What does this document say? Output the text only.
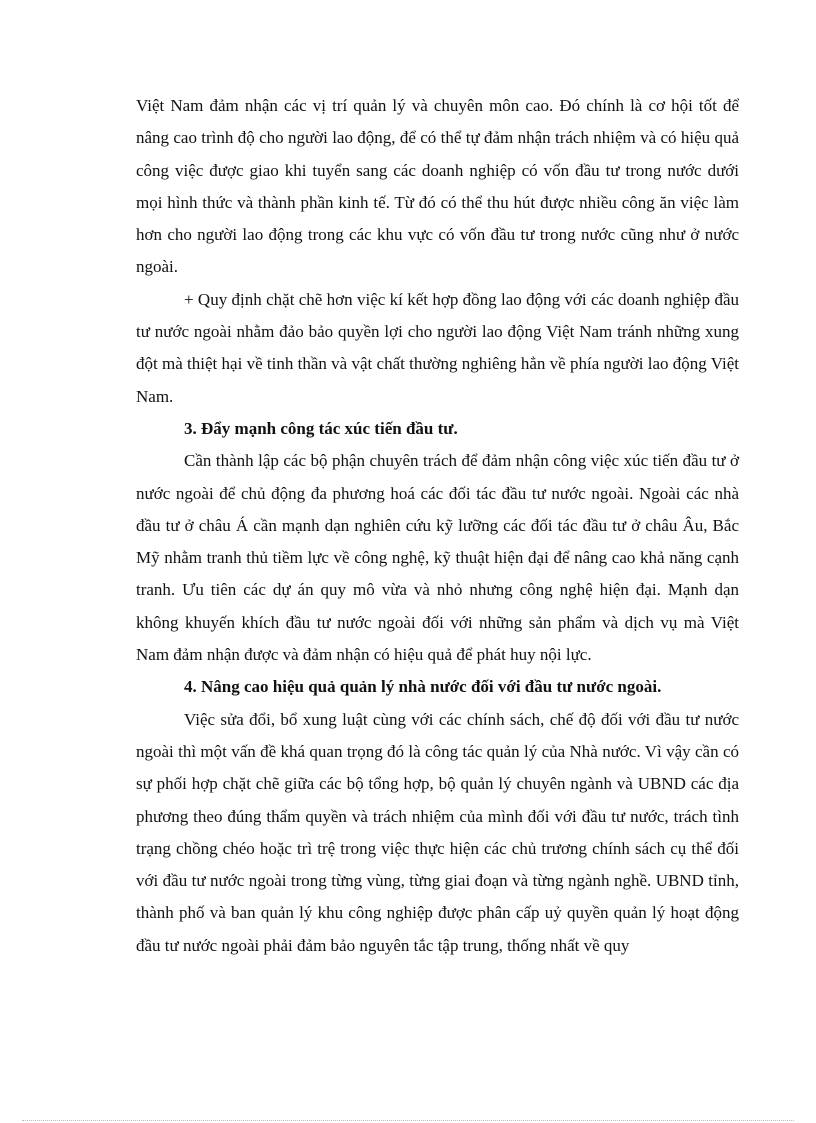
Việt Nam đảm nhận các vị trí quản lý và chuyên môn cao. Đó chính là cơ hội tốt để nâng cao trình độ cho người lao động, để có thể tự đảm nhận trách nhiệm và có hiệu quả công việc được giao khi tuyển sang các doanh nghiệp có vốn đầu tư trong nước dưới mọi hình thức và thành phần kinh tế. Từ đó có thể thu hút được nhiều công ăn việc làm hơn cho người lao động trong các khu vực có vốn đầu tư trong nước cũng như ở nước ngoài.

+ Quy định chặt chẽ hơn việc kí kết hợp đồng lao động với các doanh nghiệp đầu tư nước ngoài nhằm đảo bảo quyền lợi cho người lao động Việt Nam tránh những xung đột mà thiệt hại về tinh thần và vật chất thường nghiêng hẳn về phía người lao động Việt Nam.

3. Đẩy mạnh công tác xúc tiến đầu tư.

Cần thành lập các bộ phận chuyên trách để đảm nhận công việc xúc tiến đầu tư ở nước ngoài để chủ động đa phương hoá các đối tác đầu tư nước ngoài. Ngoài các nhà đầu tư ở châu Á cần mạnh dạn nghiên cứu kỹ lưỡng các đối tác đầu tư ở châu Âu, Bắc Mỹ nhằm tranh thủ tiềm lực về công nghệ, kỹ thuật hiện đại để nâng cao khả năng cạnh tranh. Ưu tiên các dự án quy mô vừa và nhỏ nhưng công nghệ hiện đại. Mạnh dạn không khuyến khích đầu tư nước ngoài đối với những sản phẩm và dịch vụ mà Việt Nam đảm nhận được và đảm nhận có hiệu quả để phát huy nội lực.

4. Nâng cao hiệu quả quản lý nhà nước đối với đầu tư nước ngoài.

Việc sửa đổi, bổ xung luật cùng với các chính sách, chế độ đối với đầu tư nước ngoài thì một vấn đề khá quan trọng đó là công tác quản lý của Nhà nước. Vì vậy cần có sự phối hợp chặt chẽ giữa các bộ tổng hợp, bộ quản lý chuyên ngành và UBND các địa phương theo đúng thẩm quyền và trách nhiệm của mình đối với đầu tư nước, trách tình trạng chồng chéo hoặc trì trệ trong việc thực hiện các chủ trương chính sách cụ thể đối với đầu tư nước ngoài trong từng vùng, từng giai đoạn và từng ngành nghề. UBND tỉnh, thành phố và ban quản lý khu công nghiệp được phân cấp uỷ quyền quản lý hoạt động đầu tư nước ngoài phải đảm bảo nguyên tắc tập trung, thống nhất về quy
